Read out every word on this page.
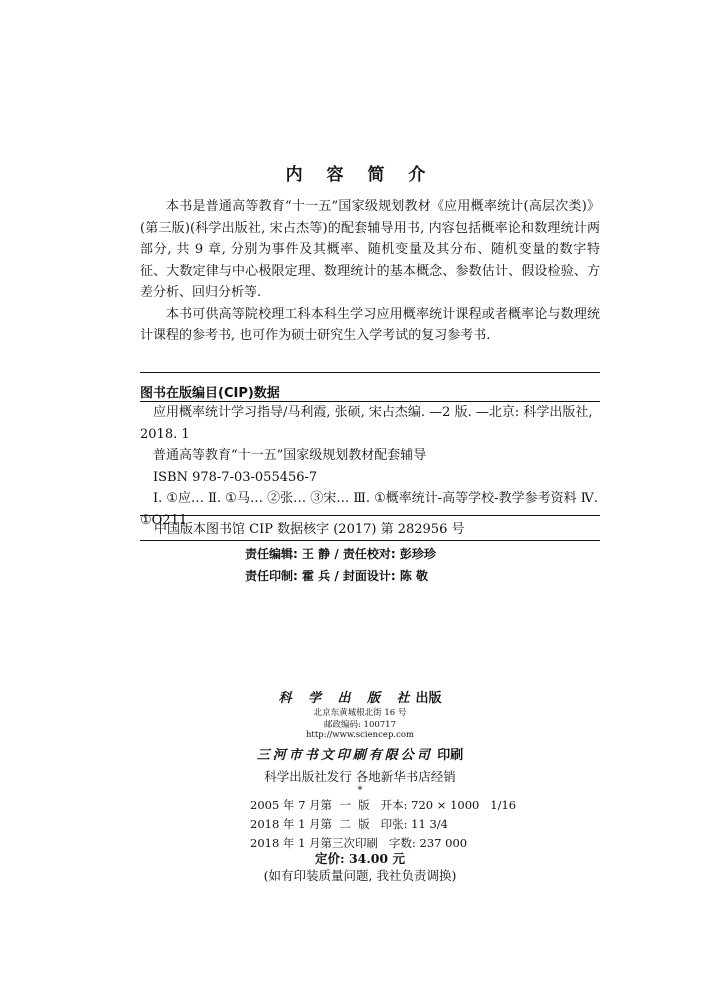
内 容 简 介

本书是普通高等教育“十一五”国家级规划教材《应用概率统计(高层次类)》(第三版)(科学出版社, 宋占杰等)的配套辅导用书, 内容包括概率论和数理统计两部分, 共 9 章, 分别为事件及其概率、随机变量及其分布、随机变量的数字特征、大数定律与中心极限定理、数理统计的基本概念、参数估计、假设检验、方差分析、回归分析等.

本书可供高等院校理工科本科生学习应用概率统计课程或者概率论与数理统计课程的参考书, 也可作为硕士研究生入学考试的复习参考书.

图书在版编目(CIP)数据

应用概率统计学习指导/马利霞, 张硕, 宋占杰编. —2 版. —北京: 科学出版社, 2018. 1

普通高等教育“十一五”国家级规划教材配套辅导

ISBN 978-7-03-055456-7

Ⅰ. ①应… Ⅱ. ①马… ②张… ③宋… Ⅲ. ①概率统计-高等学校-教学参考资料 Ⅳ. ①O211

中国版本图书馆 CIP 数据核字 (2017) 第 282956 号
责任编辑: 王 静 / 责任校对: 彭珍珍
责任印制: 霍 兵 / 封面设计: 陈 敬
科 学 出 版 社出版
北京东黄城根北街 16 号
邮政编码: 100717
http://www.sciencep.com
三河市书文印刷有限公司 印刷
科学出版社发行 各地新华书店经销
*
2005 年 7 月第  一  版   开本: 720 × 1000   1/16
2018 年 1 月第  二  版   印张: 11 3/4
2018 年 1 月第三次印刷   字数: 237 000
定价: 34.00 元
(如有印装质量问题, 我社负责调换)
